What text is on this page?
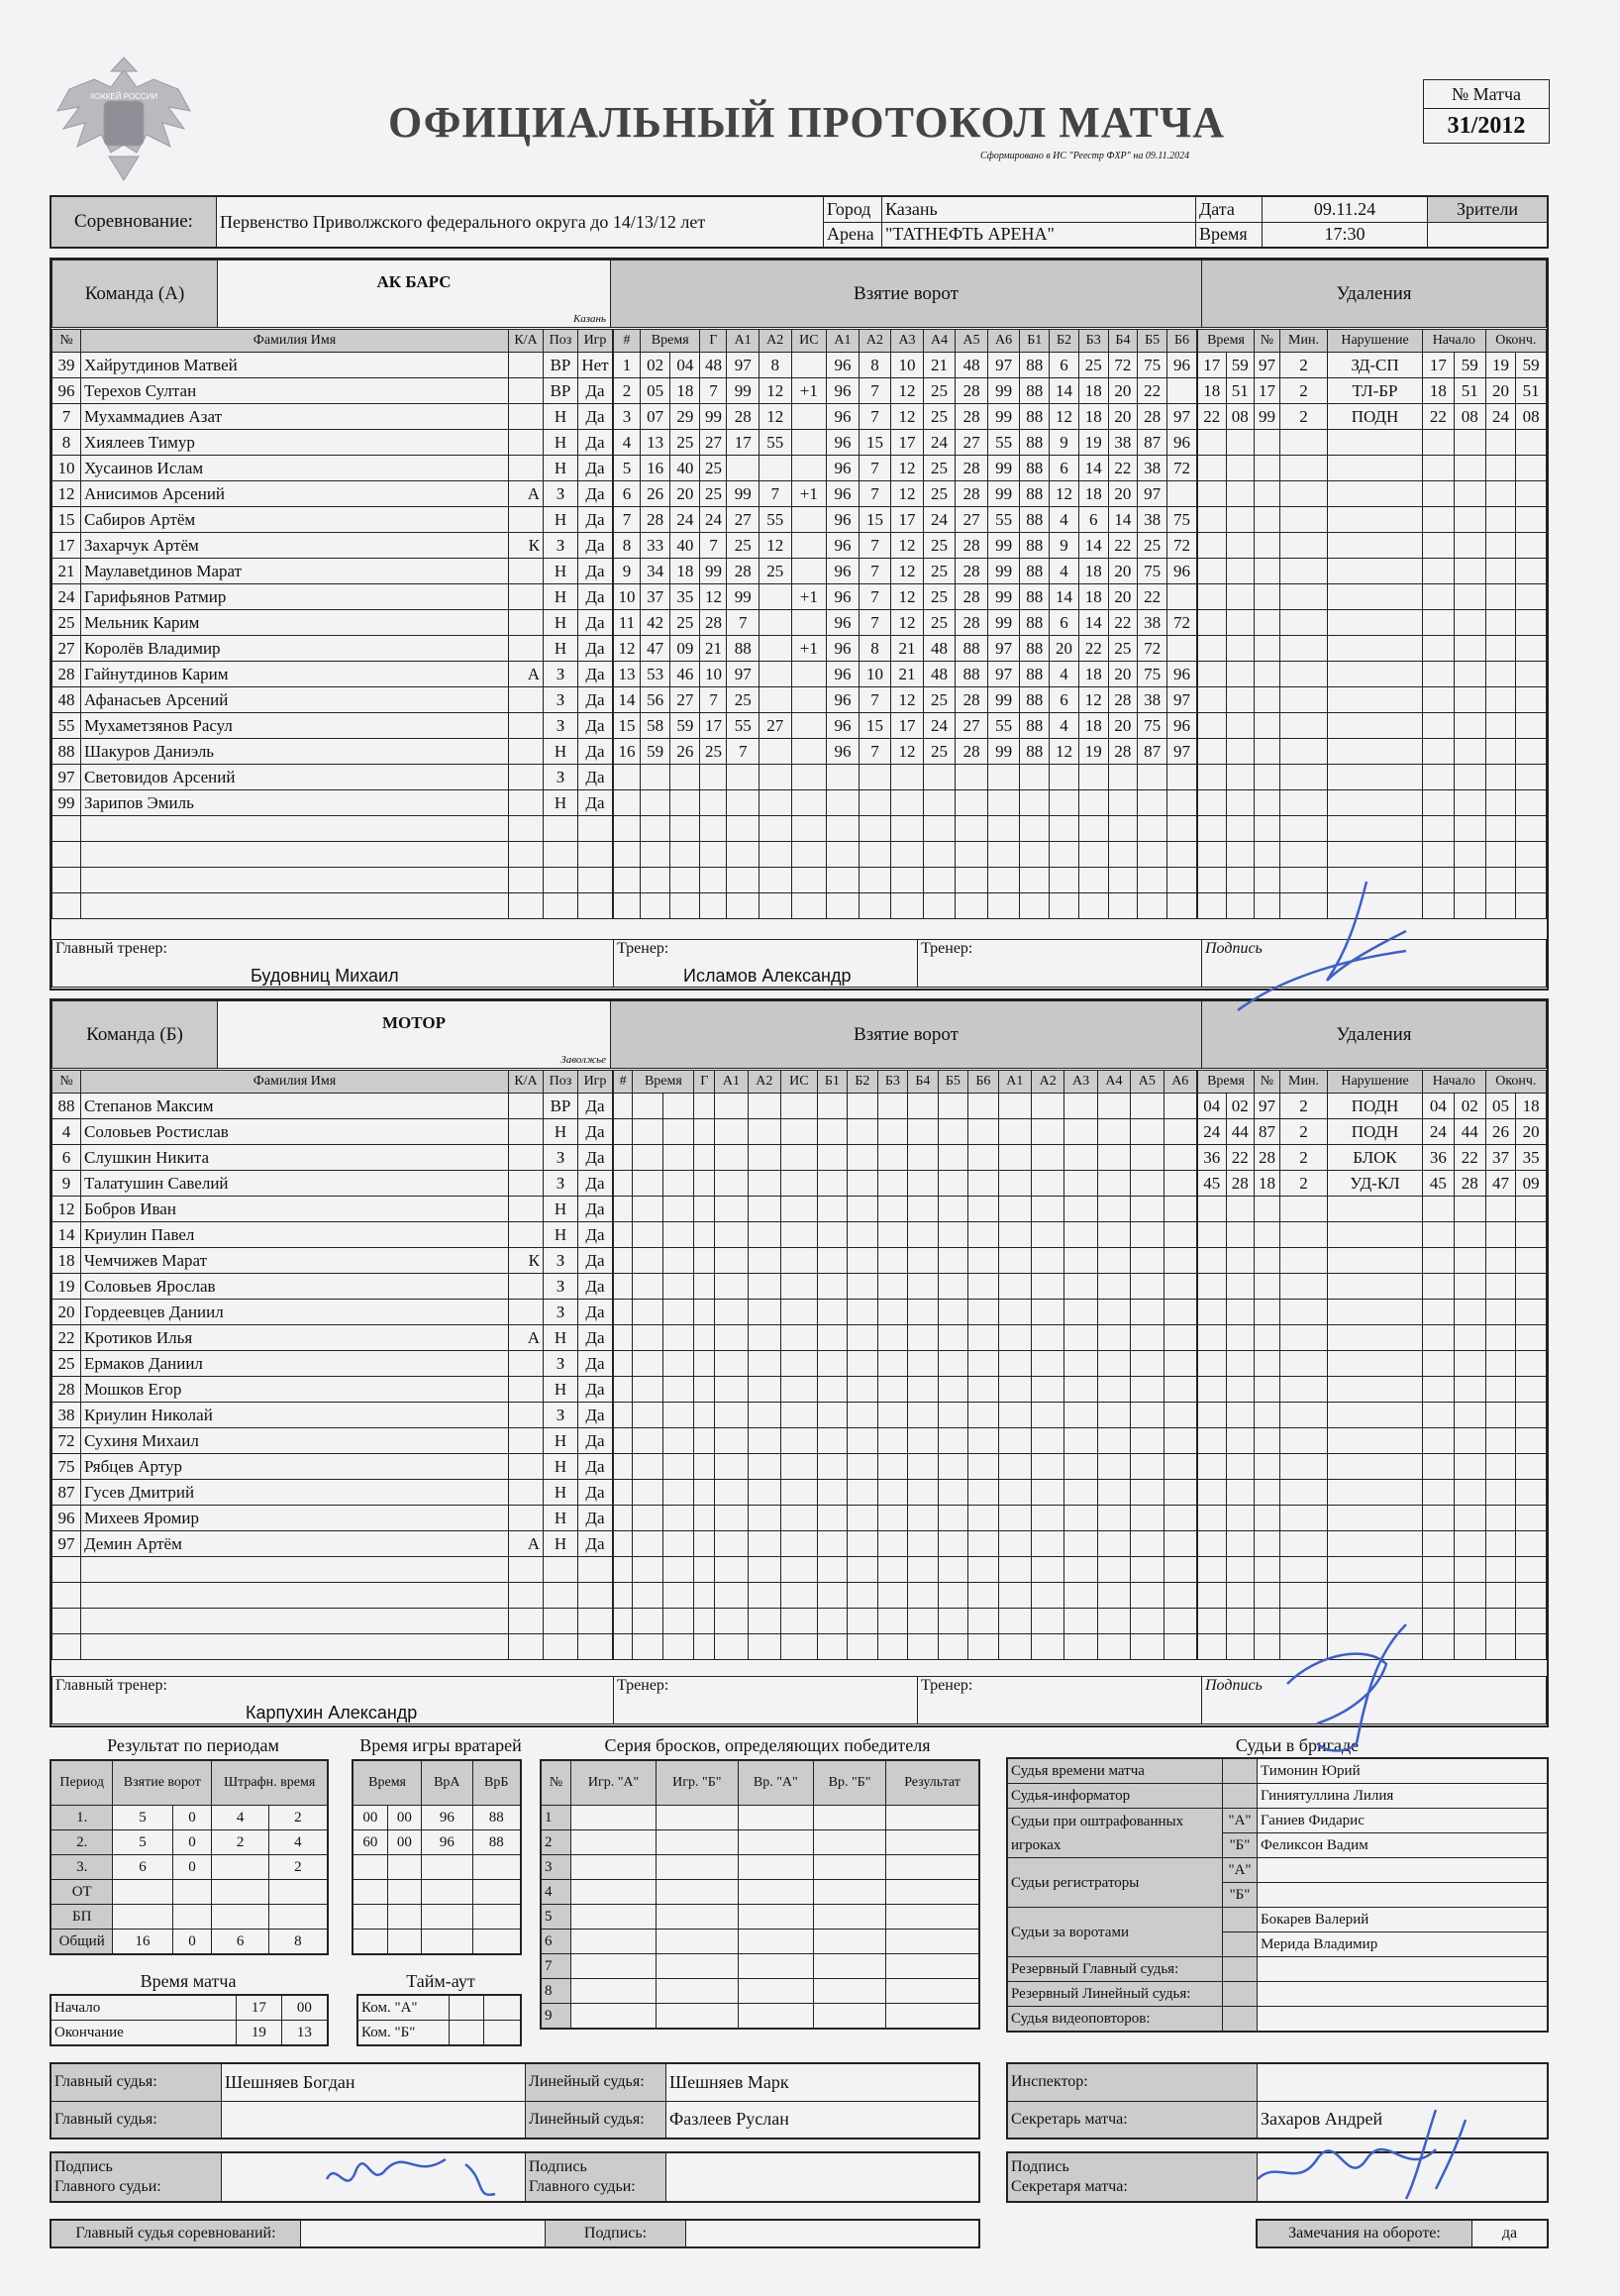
ХОККЕЙ РОССИИ
ОФИЦИАЛЬНЫЙ ПРОТОКОЛ МАТЧА
Сформировано в ИС "Реестр ФХР" на 09.11.2024
№ Матча
31/2012
Соревнование:	Первенство Приволжского федерального округа до 14/13/12 лет	Город	Казань	Дата	09.11.24	Зрители
		Арена	"ТАТНЕФТЬ АРЕНА"	Время	17:30	
Команда (А)	АК БАРС
Казань
	Взятие ворот	Удаления
№	Фамилия Имя	К/А	Поз	Игр
39	Хайрутдинов Матвей		ВР	Нет
96	Терехов Султан		ВР	Да
7	Мухаммадиев Азат		Н	Да
8	Хиялеев Тимур		Н	Да
10	Хусаинов Ислам		Н	Да
12	Анисимов Арсений	А	З	Да
15	Сабиров Артём		Н	Да
17	Захарчук Артём	К	З	Да
21	Маулавеtдинов Марат		Н	Да
24	Гарифьянов Ратмир		Н	Да
25	Мельник Карим		Н	Да
27	Королёв Владимир		Н	Да
28	Гайнутдинов Карим	А	З	Да
48	Афанасьев Арсений		З	Да
55	Мухаметзянов Расул		З	Да
88	Шакуров Даниэль		Н	Да
97	Световидов Арсений		З	Да
99	Зарипов Эмиль		Н	Да

#	Время		Г	А1	А2	ИС	А1	А2	А3	А4	А5	А6	Б1	Б2	Б3	Б4	Б5	Б6
1	02	04	48	97	8		96	8	10	21	48	97	88	6	25	72	75	96
2	05	18	7	99	12	+1	96	7	12	25	28	99	88	14	18	20	22	
3	07	29	99	28	12		96	7	12	25	28	99	88	12	18	20	28	97
4	13	25	27	17	55		96	15	17	24	27	55	88	9	19	38	87	96
5	16	40	25				96	7	12	25	28	99	88	6	14	22	38	72
6	26	20	25	99	7	+1	96	7	12	25	28	99	88	12	18	20	97	
7	28	24	24	27	55		96	15	17	24	27	55	88	4	6	14	38	75
8	33	40	7	25	12		96	7	12	25	28	99	88	9	14	22	25	72
9	34	18	99	28	25		96	7	12	25	28	99	88	4	18	20	75	96
10	37	35	12	99		+1	96	7	12	25	28	99	88	14	18	20	22	
11	42	25	28	7			96	7	12	25	28	99	88	6	14	22	38	72
12	47	09	21	88		+1	96	8	21	48	88	97	88	20	22	25	72	
13	53	46	10	97			96	10	21	48	88	97	88	4	18	20	75	96
14	56	27	7	25			96	7	12	25	28	99	88	6	12	28	38	97
15	58	59	17	55	27		96	15	17	24	27	55	88	4	18	20	75	96
16	59	26	25	7			96	7	12	25	28	99	88	12	19	28	87	97

Время		№	Мин.	Нарушение	Начало		Оконч.	
17	59	97	2	ЗД-СП	17	59	19	59
18	51	17	2	ТЛ-БР	18	51	20	51
22	08	99	2	ПОДН	22	08	24	08

Главный тренер:
Будовниц Михаил
	Тренер:
Исламов Александр
	Тренер:	Подпись
Команда (Б)	МОТОР
Заволжье
	Взятие ворот	Удаления
№	Фамилия Имя	К/А	Поз	Игр
88	Степанов Максим		ВР	Да
4	Соловьев Ростислав		Н	Да
6	Слушкин Никита		З	Да
9	Талатушин Савелий		З	Да
12	Бобров Иван		Н	Да
14	Криулин Павел		Н	Да
18	Чемчижев Марат	К	З	Да
19	Соловьев Ярослав		З	Да
20	Гордеевцев Даниил		З	Да
22	Кротиков Илья	А	Н	Да
25	Ермаков Даниил		З	Да
28	Мошков Егор		Н	Да
38	Криулин Николай		З	Да
72	Сухиня Михаил		Н	Да
75	Рябцев Артур		Н	Да
87	Гусев Дмитрий		Н	Да
96	Михеев Яромир		Н	Да
97	Демин Артём	А	Н	Да

#	Время		Г	А1	А2	ИС	Б1	Б2	Б3	Б4	Б5	Б6	А1	А2	А3	А4	А5	А6

																		Время		№	Мин.	Нарушение	Начало		Оконч.	
04	02	97	2	ПОДН	04	02	05	18
24	44	87	2	ПОДН	24	44	26	20
36	22	28	2	БЛОК	36	22	37	35
45	28	18	2	УД-КЛ	45	28	47	09

Главный тренер:
Карпухин Александр
	Тренер:	Тренер:	Подпись
Результат по периодам
Период	Взятие ворот		Штрафн. время	
1.	5	0	4	2
2.	5	0	2	4
3.	6	0		2
ОТ				
БП				
Общий	16	0	6	8
Время игры вратарей
Время		ВрА	ВрБ
00	00	96	88
60	00	96	88

Время матча
Начало	17	00
Окончание	19	13
Тайм-аут
Ком. "А"		
Ком. "Б"		
Серия бросков, определяющих победителя
№	Игр. "А"	Игр. "Б"	Вр. "А"	Вр. "Б"	Результат
1					
2					
3					
4					
5					
6					
7					
8					
9					
Судьи в бригаде
Судья времени матча		Тимонин Юрий
Судья-информатор		Гиниятуллина Лилия
Судьи при оштрафованных игроках	"А"	Ганиев Фидарис
	"Б"	Феликсон Вадим
Судьи регистраторы	"А"	
	"Б"	
Судьи за воротами		Бокарев Валерий
		Мерида Владимир
Резервный Главный судья:		
Резервный Линейный судья:		
Судья видеоповторов:		
Главный судья:	Шешняев Богдан	Линейный судья:	Шешняев Марк
Главный судья:		Линейный судья:	Фазлеев Руслан
Инспектор:	
Секретарь матча:	Захаров Андрей
Подпись
Главного судьи:

Подпись
Главного судьи:

Подпись
Секретаря матча:

Главный судья соревнований:		Подпись:		Замечания на обороте:	да
